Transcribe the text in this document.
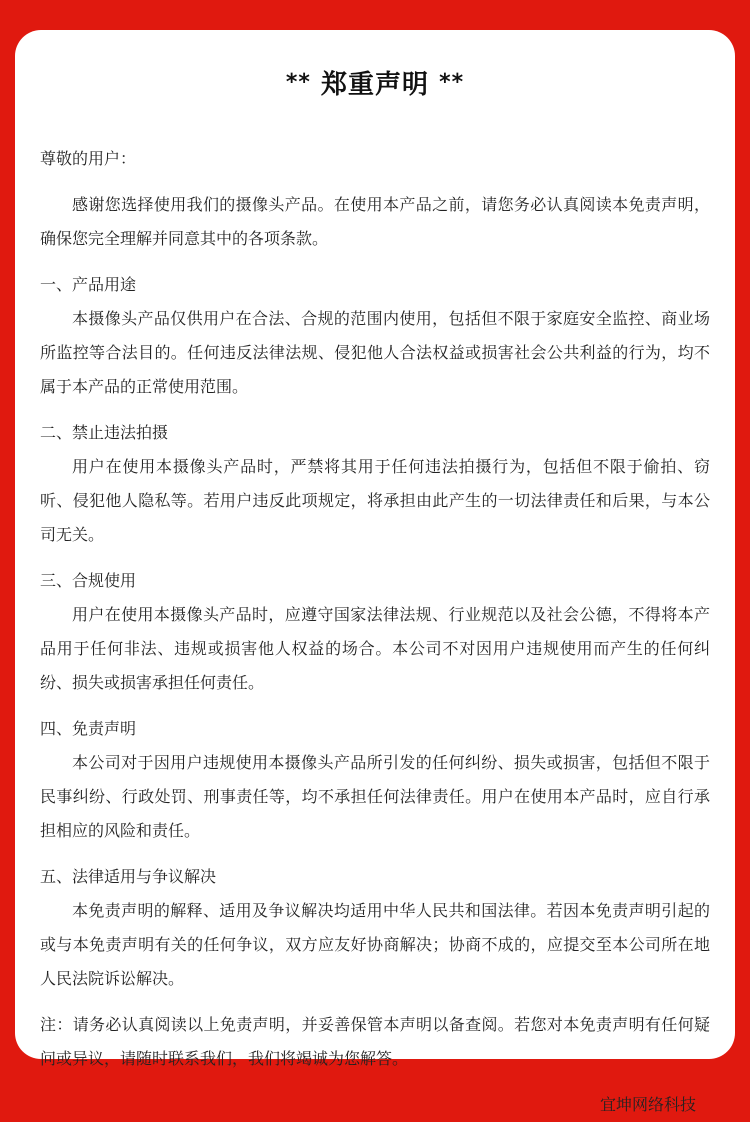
** 郑重声明 **
尊敬的用户：

感谢您选择使用我们的摄像头产品。在使用本产品之前，请您务必认真阅读本免责声明，确保您完全理解并同意其中的各项条款。

一、产品用途

本摄像头产品仅供用户在合法、合规的范围内使用，包括但不限于家庭安全监控、商业场所监控等合法目的。任何违反法律法规、侵犯他人合法权益或损害社会公共利益的行为，均不属于本产品的正常使用范围。

二、禁止违法拍摄

用户在使用本摄像头产品时，严禁将其用于任何违法拍摄行为，包括但不限于偷拍、窃听、侵犯他人隐私等。若用户违反此项规定，将承担由此产生的一切法律责任和后果，与本公司无关。

三、合规使用

用户在使用本摄像头产品时，应遵守国家法律法规、行业规范以及社会公德，不得将本产品用于任何非法、违规或损害他人权益的场合。本公司不对因用户违规使用而产生的任何纠纷、损失或损害承担任何责任。

四、免责声明

本公司对于因用户违规使用本摄像头产品所引发的任何纠纷、损失或损害，包括但不限于民事纠纷、行政处罚、刑事责任等，均不承担任何法律责任。用户在使用本产品时，应自行承担相应的风险和责任。

五、法律适用与争议解决

本免责声明的解释、适用及争议解决均适用中华人民共和国法律。若因本免责声明引起的或与本免责声明有关的任何争议，双方应友好协商解决；协商不成的，应提交至本公司所在地人民法院诉讼解决。

注：请务必认真阅读以上免责声明，并妥善保管本声明以备查阅。若您对本免责声明有任何疑问或异议，请随时联系我们，我们将竭诚为您解答。
宜坤网络科技
